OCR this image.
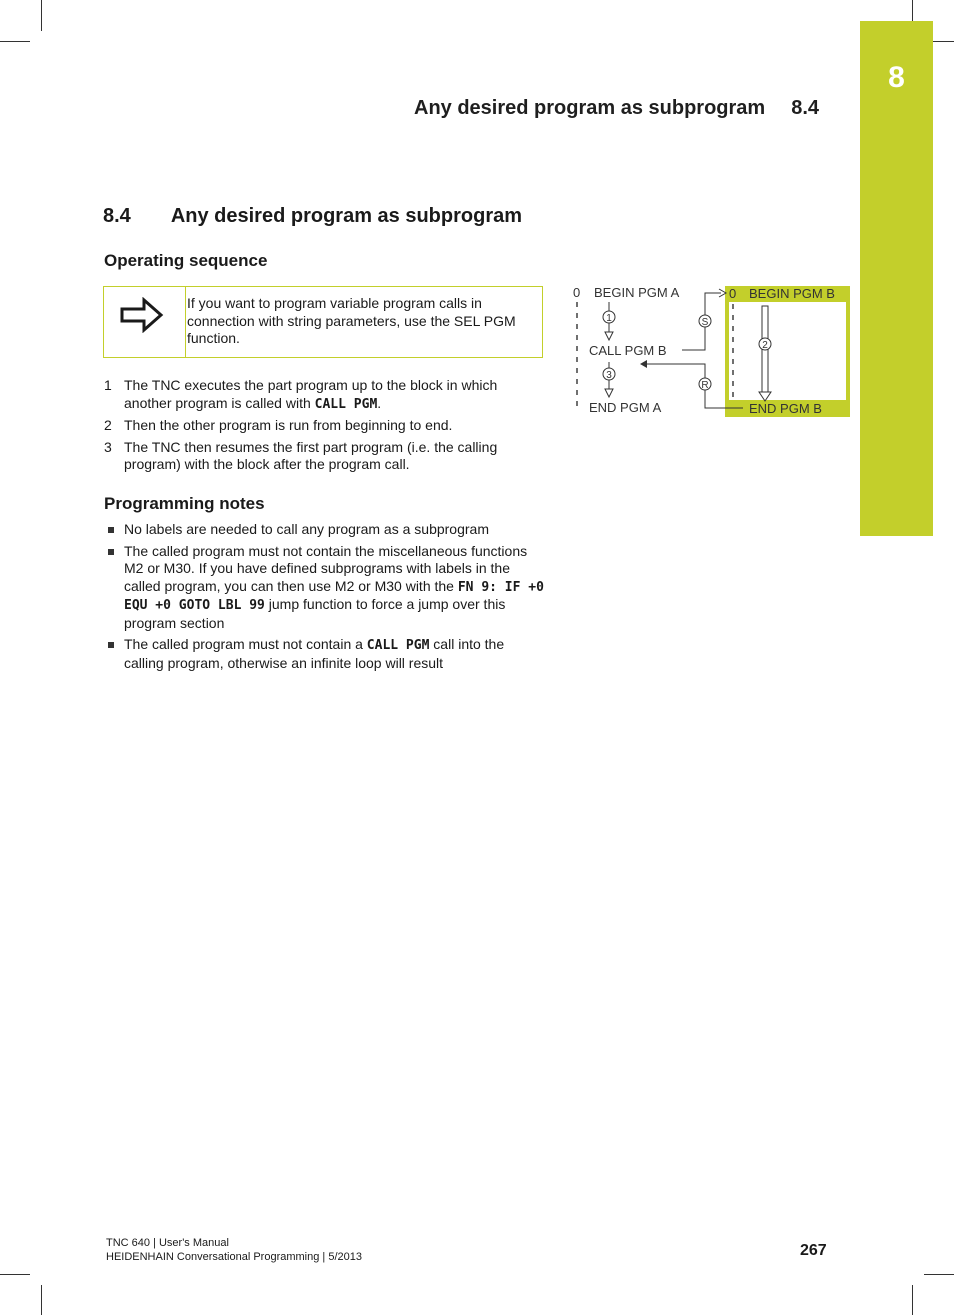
8
Any desired program as subprogram 8.4
8.4 Any desired program as subprogram
Operating sequence
If you want to program variable program calls in connection with string parameters, use the SEL PGM function.
1 The TNC executes the part program up to the block in which another program is called with CALL PGM.
2 Then the other program is run from beginning to end.
3 The TNC then resumes the first part program (i.e. the calling program) with the block after the program call.
Programming notes
No labels are needed to call any program as a subprogram
The called program must not contain the miscellaneous functions M2 or M30. If you have defined subprograms with labels in the called program, you can then use M2 or M30 with the FN 9: IF +0 EQU +0 GOTO LBL 99 jump function to force a jump over this program section
The called program must not contain a CALL PGM call into the calling program, otherwise an infinite loop will result
0 BEGIN PGM A
CALL PGM B
END PGM A
0 BEGIN PGM B
END PGM B
1
3
S
R
2
TNC 640 | User's Manual
HEIDENHAIN Conversational Programming | 5/2013	267
